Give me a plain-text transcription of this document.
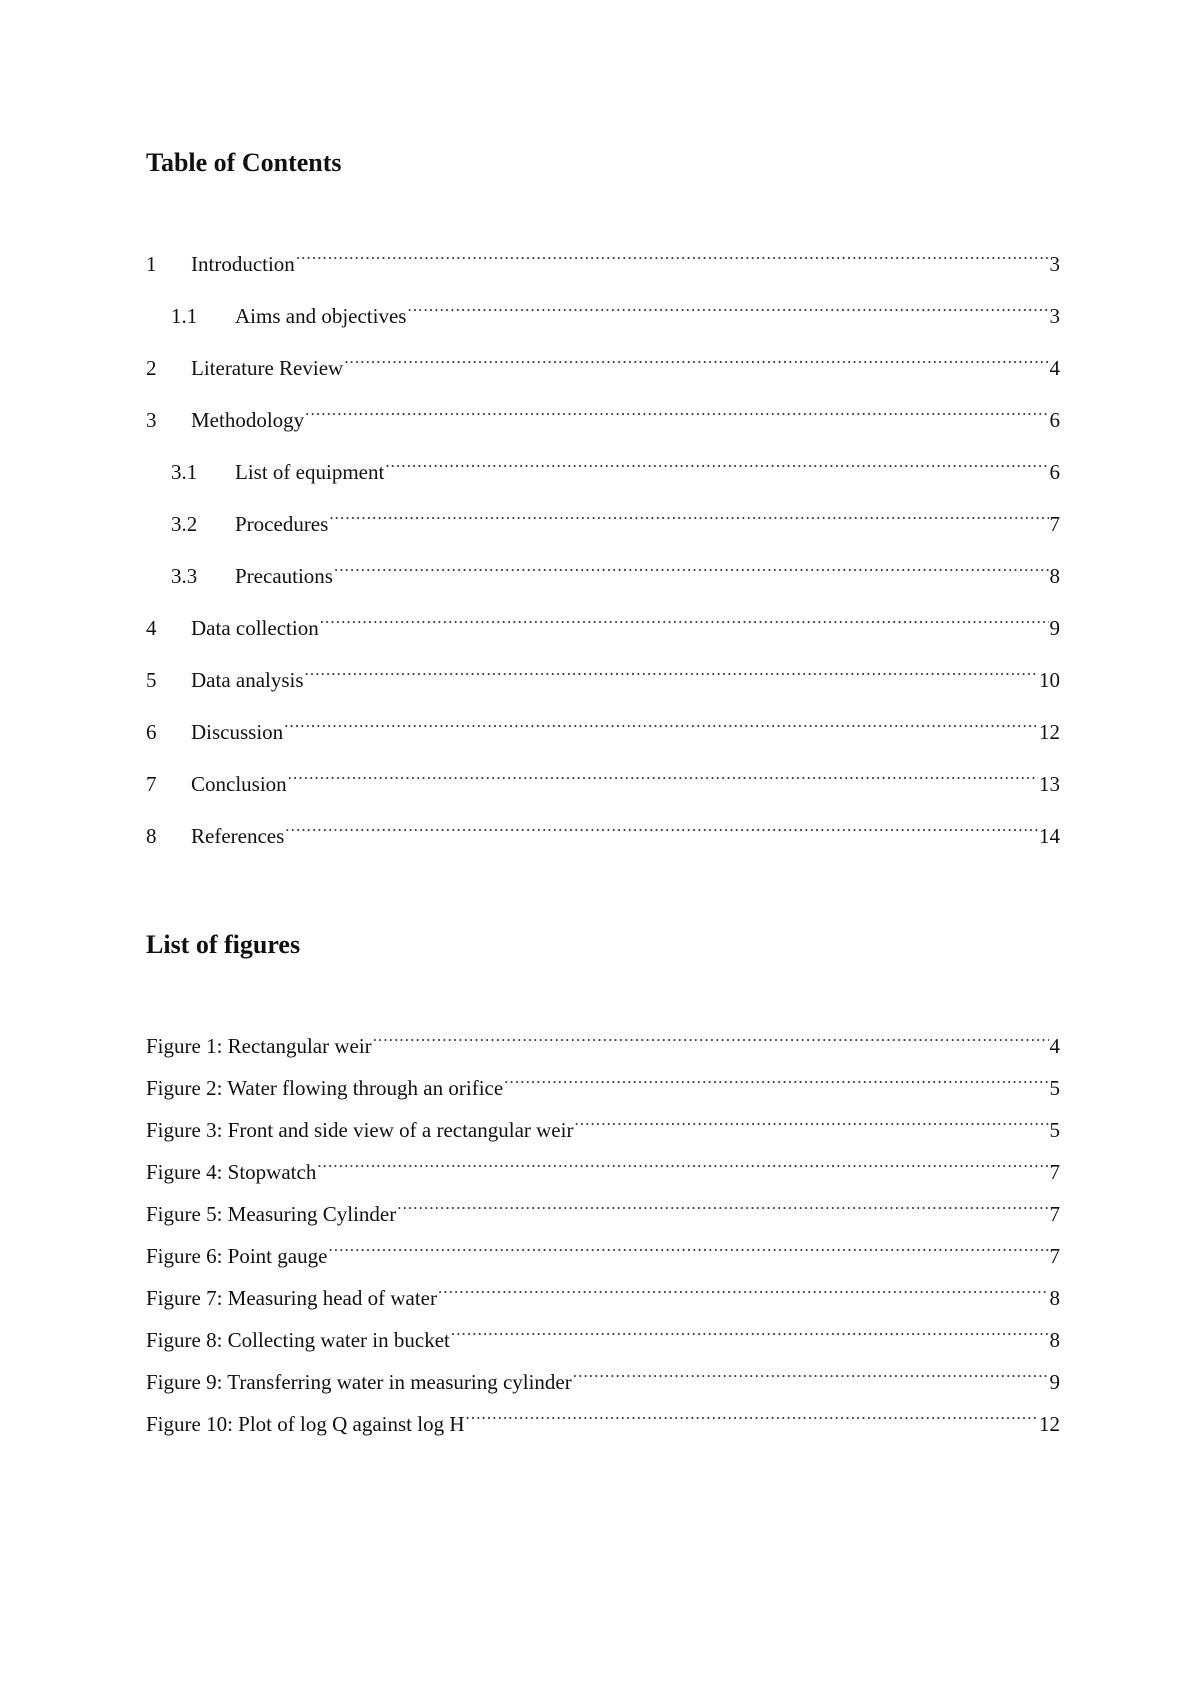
Table of Contents
1	Introduction .....	3
1.1	Aims and objectives .....	3
2	Literature Review .....	4
3	Methodology .....	6
3.1	List of equipment .....	6
3.2	Procedures .....	7
3.3	Precautions .....	8
4	Data collection .....	9
5	Data analysis .....	10
6	Discussion .....	12
7	Conclusion .....	13
8	References .....	14
List of figures
Figure 1: Rectangular weir .....	4
Figure 2: Water flowing through an orifice .....	5
Figure 3: Front and side view of a rectangular weir .....	5
Figure 4: Stopwatch .....	7
Figure 5: Measuring Cylinder .....	7
Figure 6: Point gauge .....	7
Figure 7: Measuring head of water .....	8
Figure 8: Collecting water in bucket .....	8
Figure 9: Transferring water in measuring cylinder .....	9
Figure 10: Plot of log Q against log H .....	12
